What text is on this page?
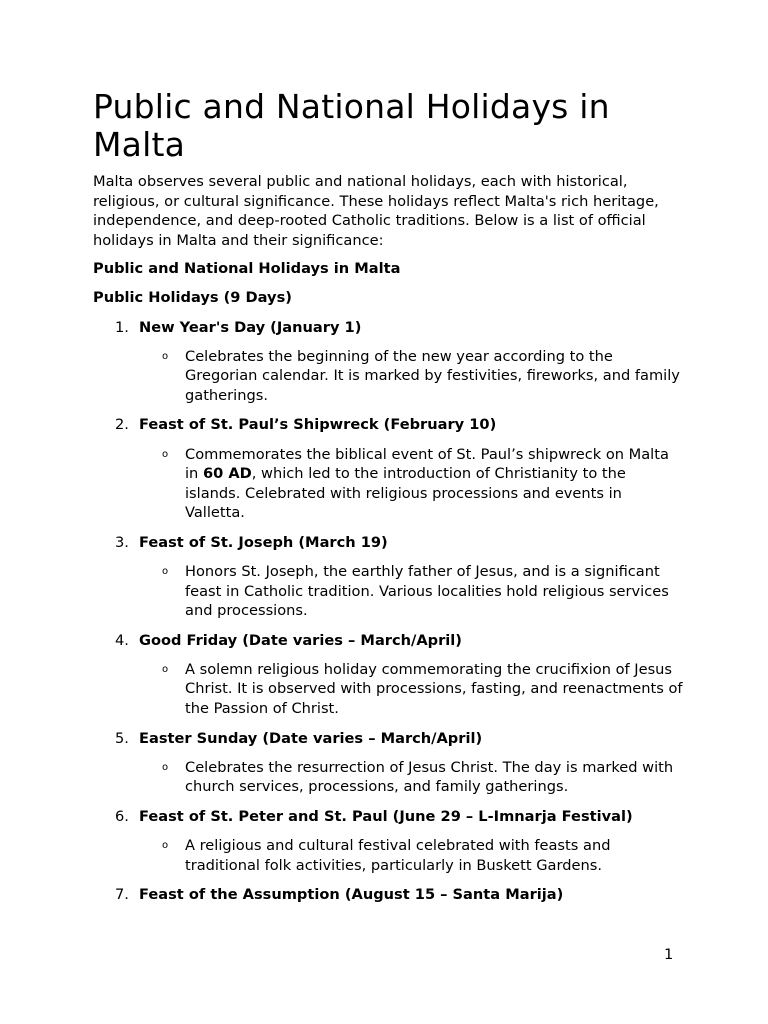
Public and National Holidays in Malta

Malta observes several public and national holidays, each with historical, religious, or cultural significance. These holidays reflect Malta's rich heritage, independence, and deep-rooted Catholic traditions. Below is a list of official holidays in Malta and their significance:

Public and National Holidays in Malta

Public Holidays (9 Days)

1. New Year's Day (January 1)
o Celebrates the beginning of the new year according to the Gregorian calendar. It is marked by festivities, fireworks, and family gatherings.
2. Feast of St. Paul’s Shipwreck (February 10)
o Commemorates the biblical event of St. Paul’s shipwreck on Malta in 60 AD, which led to the introduction of Christianity to the islands. Celebrated with religious processions and events in Valletta.
3. Feast of St. Joseph (March 19)
o Honors St. Joseph, the earthly father of Jesus, and is a significant feast in Catholic tradition. Various localities hold religious services and processions.
4. Good Friday (Date varies – March/April)
o A solemn religious holiday commemorating the crucifixion of Jesus Christ. It is observed with processions, fasting, and reenactments of the Passion of Christ.
5. Easter Sunday (Date varies – March/April)
o Celebrates the resurrection of Jesus Christ. The day is marked with church services, processions, and family gatherings.
6. Feast of St. Peter and St. Paul (June 29 – L-Imnarja Festival)
o A religious and cultural festival celebrated with feasts and traditional folk activities, particularly in Buskett Gardens.
7. Feast of the Assumption (August 15 – Santa Marija)
1
